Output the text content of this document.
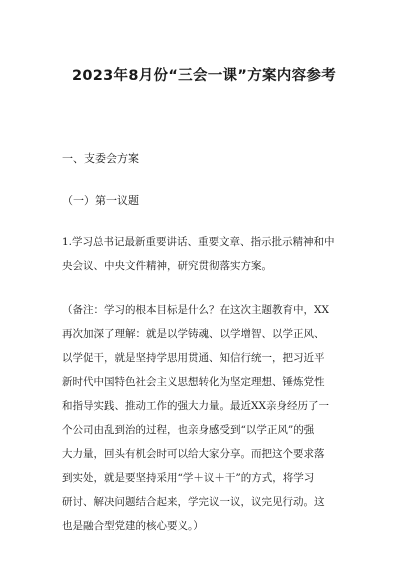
2023年8月份“三会一课”方案内容参考
一、支委会方案
（一）第一议题
1.学习总书记最新重要讲话、重要文章、指示批示精神和中
央会议、中央文件精神，研究贯彻落实方案。
（备注：学习的根本目标是什么？在这次主题教育中，XX
再次加深了理解：就是以学铸魂、以学增智、以学正风、
以学促干，就是坚持学思用贯通、知信行统一，把习近平
新时代中国特色社会主义思想转化为坚定理想、锤炼党性
和指导实践、推动工作的强大力量。最近XX亲身经历了一
个公司由乱到治的过程，也亲身感受到“以学正风”的强
大力量，回头有机会时可以给大家分享。而把这个要求落
到实处，就是要坚持采用“学＋议＋干”的方式，将学习
研讨、解决问题结合起来，学完议一议，议完见行动。这
也是融合型党建的核心要义。）
